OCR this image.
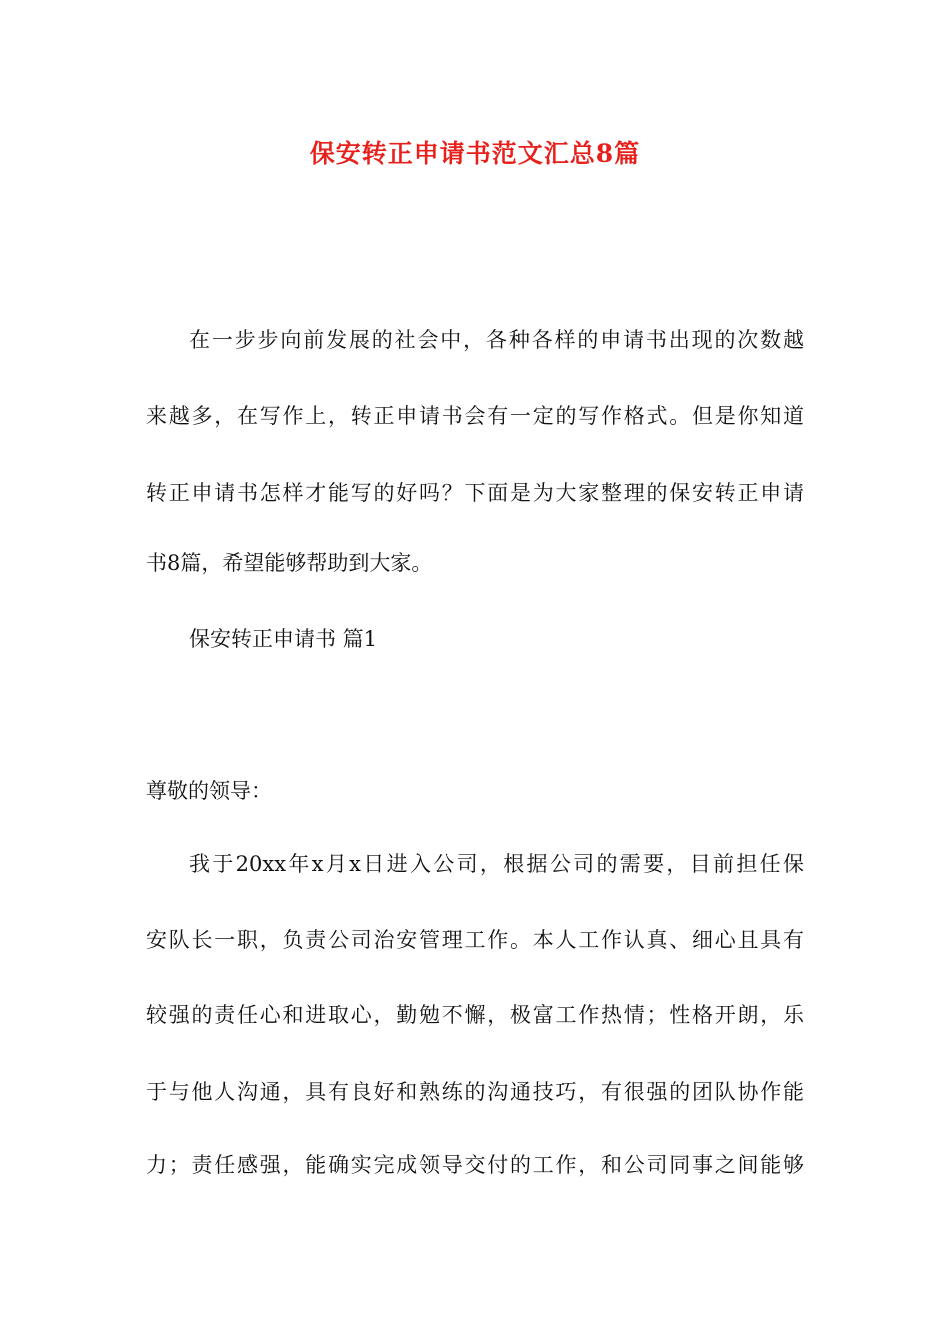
保安转正申请书范文汇总8篇
在一步步向前发展的社会中，各种各样的申请书出现的次数越
来越多，在写作上，转正申请书会有一定的写作格式。但是你知道
转正申请书怎样才能写的好吗？下面是为大家整理的保安转正申请
书8篇，希望能够帮助到大家。
保安转正申请书 篇1
尊敬的领导：
我于20xx年x月x日进入公司，根据公司的需要，目前担任保
安队长一职，负责公司治安管理工作。本人工作认真、细心且具有
较强的责任心和进取心，勤勉不懈，极富工作热情；性格开朗，乐
于与他人沟通，具有良好和熟练的沟通技巧，有很强的团队协作能
力；责任感强，能确实完成领导交付的工作，和公司同事之间能够
